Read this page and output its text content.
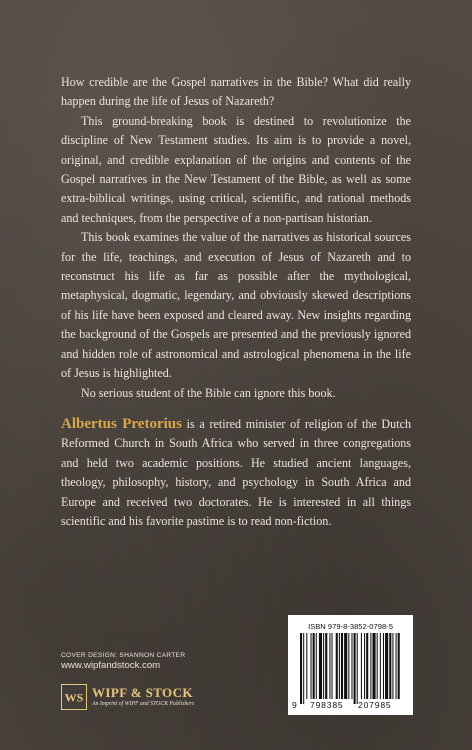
How credible are the Gospel narratives in the Bible? What did really happen during the life of Jesus of Nazareth?

This ground-breaking book is destined to revolutionize the discipline of New Testament studies. Its aim is to provide a novel, original, and credible explanation of the origins and contents of the Gospel narratives in the New Testament of the Bible, as well as some extra-biblical writings, using critical, scientific, and rational methods and techniques, from the perspective of a non-partisan historian.

This book examines the value of the narratives as historical sources for the life, teachings, and execution of Jesus of Nazareth and to reconstruct his life as far as possible after the mythological, metaphysical, dogmatic, legendary, and obviously skewed descriptions of his life have been exposed and cleared away. New insights regarding the background of the Gospels are presented and the previously ignored and hidden role of astronomical and astrological phenomena in the life of Jesus is highlighted.

No serious student of the Bible can ignore this book.

Albertus Pretorius is a retired minister of religion of the Dutch Reformed Church in South Africa who served in three congregations and held two academic positions. He studied ancient languages, theology, philosophy, history, and psychology in South Africa and Europe and received two doctorates. He is interested in all things scientific and his favorite pastime is to read non-fiction.
COVER DESIGN: SHANNON CARTER
www.wipfandstock.com
WS WIPF & STOCK
An Imprint of WIPF and STOCK Publishers
ISBN 979-8-3852-0798-5
9 798385 207985
